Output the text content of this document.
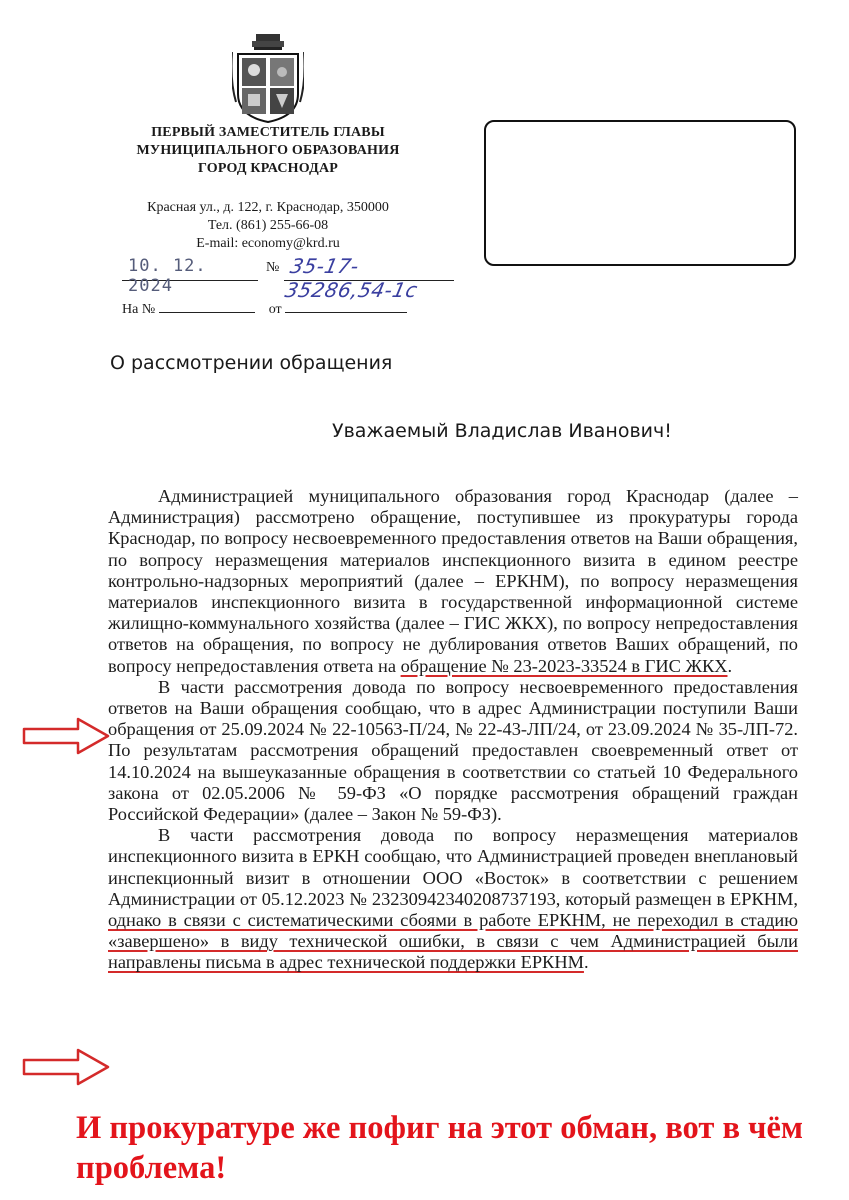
ПЕРВЫЙ ЗАМЕСТИТЕЛЬ ГЛАВЫ
МУНИЦИПАЛЬНОГО ОБРАЗОВАНИЯ
ГОРОД КРАСНОДАР
Красная ул., д. 122, г. Краснодар, 350000
Тел. (861) 255-66-08
E-mail: economy@krd.ru
10. 12. 2024
№ 35-17-35286,54-1с
На №	от
О рассмотрении обращения
Уважаемый Владислав Иванович!

Администрацией муниципального образования город Краснодар (далее – Администрация) рассмотрено обращение, поступившее из прокуратуры города Краснодар, по вопросу несвоевременного предоставления ответов на Ваши обращения, по вопросу неразмещения материалов инспекционного визита в едином реестре контрольно-надзорных мероприятий (далее – ЕРКНМ), по вопросу неразмещения материалов инспекционного визита в государственной информационной системе жилищно-коммунального хозяйства (далее – ГИС ЖКХ), по вопросу непредоставления ответов на обращения, по вопросу не дублирования ответов Ваших обращений, по вопросу непредоставления ответа на обращение № 23-2023-33524 в ГИС ЖКХ.

В части рассмотрения довода по вопросу несвоевременного предоставления ответов на Ваши обращения сообщаю, что в адрес Администрации поступили Ваши обращения от 25.09.2024 № 22-10563-П/24, № 22-43-ЛП/24, от 23.09.2024 № 35-ЛП-72. По результатам рассмотрения обращений предоставлен своевременный ответ от 14.10.2024 на вышеуказанные обращения в соответствии со статьей 10 Федерального закона от 02.05.2006 № 59-ФЗ «О порядке рассмотрения обращений граждан Российской Федерации» (далее – Закон № 59-ФЗ).

В части рассмотрения довода по вопросу неразмещения материалов инспекционного визита в ЕРКН сообщаю, что Администрацией проведен внеплановый инспекционный визит в отношении ООО «Восток» в соответствии с решением Администрации от 05.12.2023 № 23230942340208737193, который размещен в ЕРКНМ, однако в связи с систематическими сбоями в работе ЕРКНМ, не переходил в стадию «завершено» в виду технической ошибки, в связи с чем Администрацией были направлены письма в адрес технической поддержки ЕРКНМ.

И прокуратуре же пофиг на этот обман, вот в чём проблема!
